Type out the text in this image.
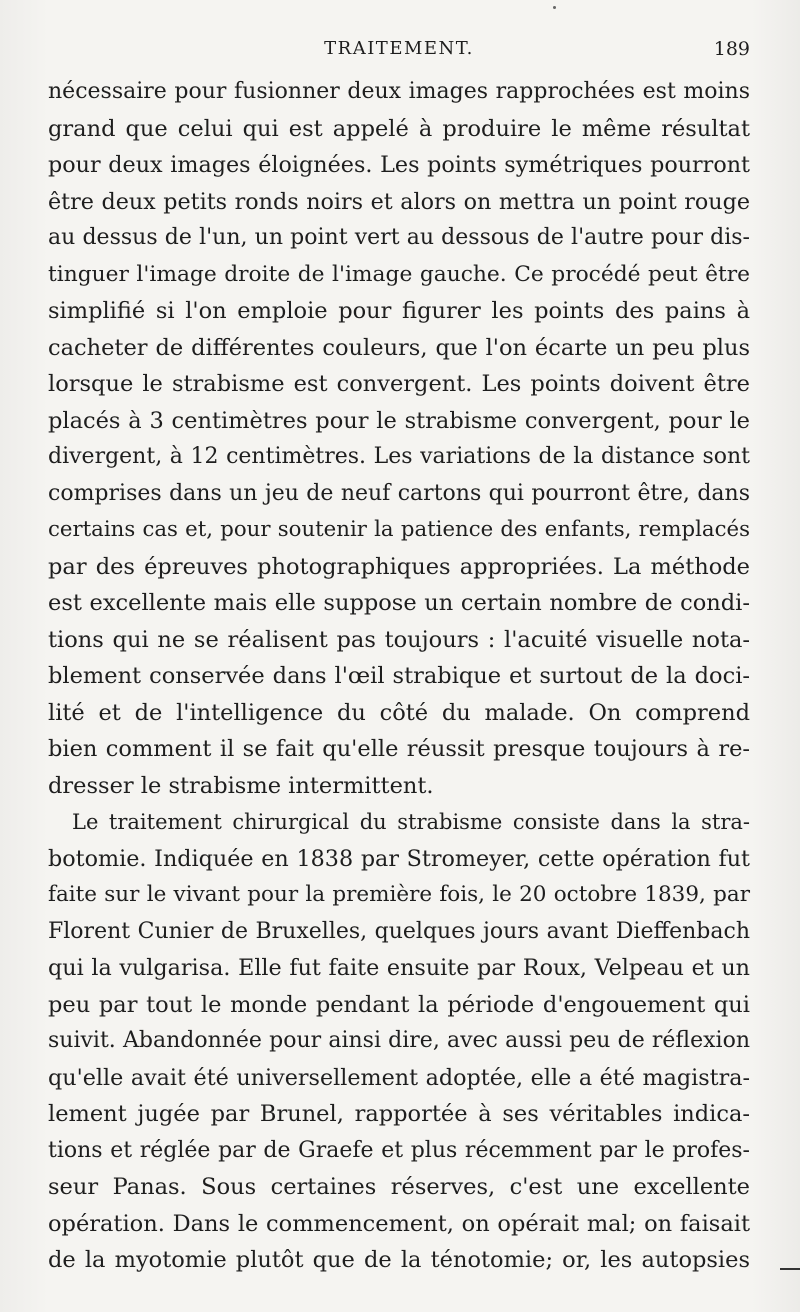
TRAITEMENT.	189
nécessaire pour fusionner deux images rapprochées est moins
grand que celui qui est appelé à produire le même résultat
pour deux images éloignées. Les points symétriques pourront
être deux petits ronds noirs et alors on mettra un point rouge
au dessus de l'un, un point vert au dessous de l'autre pour dis-
tinguer l'image droite de l'image gauche. Ce procédé peut être
simplifié si l'on emploie pour figurer les points des pains à
cacheter de différentes couleurs, que l'on écarte un peu plus
lorsque le strabisme est convergent. Les points doivent être
placés à 3 centimètres pour le strabisme convergent, pour le
divergent, à 12 centimètres. Les variations de la distance sont
comprises dans un jeu de neuf cartons qui pourront être, dans
certains cas et, pour soutenir la patience des enfants, remplacés
par des épreuves photographiques appropriées. La méthode
est excellente mais elle suppose un certain nombre de condi-
tions qui ne se réalisent pas toujours : l'acuité visuelle nota-
blement conservée dans l'œil strabique et surtout de la doci-
lité et de l'intelligence du côté du malade. On comprend
bien comment il se fait qu'elle réussit presque toujours à re-
dresser le strabisme intermittent.
Le traitement chirurgical du strabisme consiste dans la stra-
botomie. Indiquée en 1838 par Stromeyer, cette opération fut
faite sur le vivant pour la première fois, le 20 octobre 1839, par
Florent Cunier de Bruxelles, quelques jours avant Dieffenbach
qui la vulgarisa. Elle fut faite ensuite par Roux, Velpeau et un
peu par tout le monde pendant la période d'engouement qui
suivit. Abandonnée pour ainsi dire, avec aussi peu de réflexion
qu'elle avait été universellement adoptée, elle a été magistra-
lement jugée par Brunel, rapportée à ses véritables indica-
tions et réglée par de Graefe et plus récemment par le profes-
seur Panas. Sous certaines réserves, c'est une excellente
opération. Dans le commencement, on opérait mal; on faisait
de la myotomie plutôt que de la ténotomie; or, les autopsies
